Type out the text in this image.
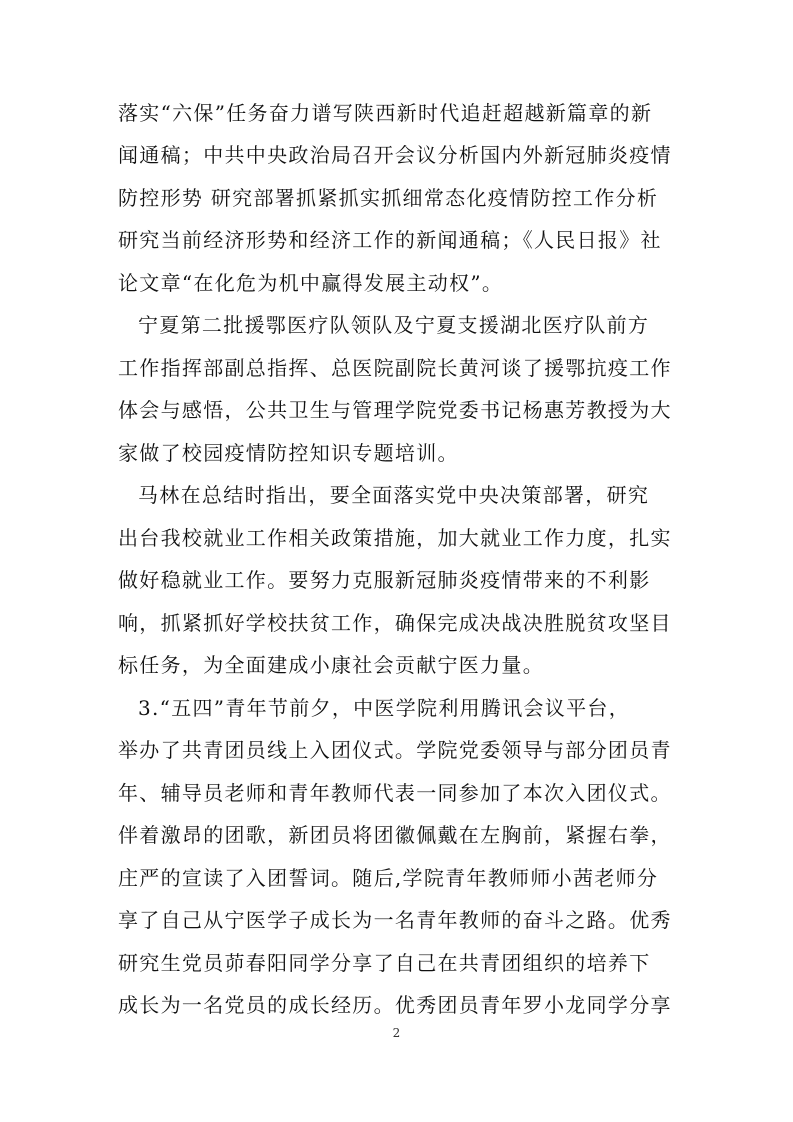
落实“六保”任务奋力谱写陕西新时代追赶超越新篇章的新
闻通稿；中共中央政治局召开会议分析国内外新冠肺炎疫情
防控形势 研究部署抓紧抓实抓细常态化疫情防控工作分析
研究当前经济形势和经济工作的新闻通稿；《人民日报》社
论文章“在化危为机中赢得发展主动权”。
宁夏第二批援鄂医疗队领队及宁夏支援湖北医疗队前方
工作指挥部副总指挥、总医院副院长黄河谈了援鄂抗疫工作
体会与感悟，公共卫生与管理学院党委书记杨惠芳教授为大
家做了校园疫情防控知识专题培训。
马林在总结时指出，要全面落实党中央决策部署，研究
出台我校就业工作相关政策措施，加大就业工作力度，扎实
做好稳就业工作。要努力克服新冠肺炎疫情带来的不利影
响，抓紧抓好学校扶贫工作，确保完成决战决胜脱贫攻坚目
标任务，为全面建成小康社会贡献宁医力量。
3.“五四”青年节前夕，中医学院利用腾讯会议平台，
举办了共青团员线上入团仪式。学院党委领导与部分团员青
年、辅导员老师和青年教师代表一同参加了本次入团仪式。
伴着激昂的团歌，新团员将团徽佩戴在左胸前，紧握右拳，
庄严的宣读了入团誓词。随后,学院青年教师师小茜老师分
享了自己从宁医学子成长为一名青年教师的奋斗之路。优秀
研究生党员茆春阳同学分享了自己在共青团组织的培养下
成长为一名党员的成长经历。优秀团员青年罗小龙同学分享
2
